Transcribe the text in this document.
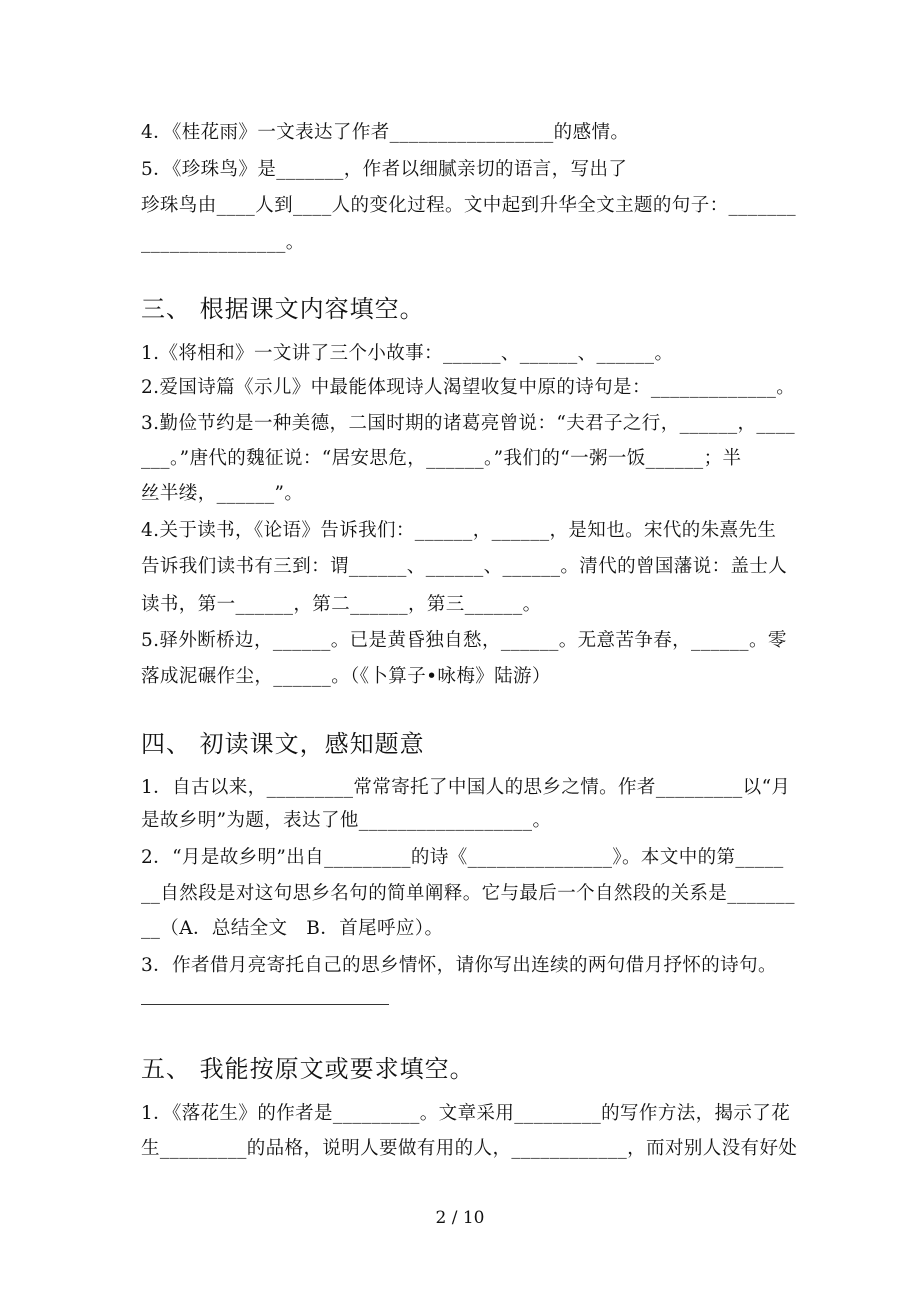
4．《桂花雨》一文表达了作者_________________的感情。
5．《珍珠鸟》是_______，作者以细腻亲切的语言，写出了
珍珠鸟由____人到____人的变化过程。文中起到升华全文主题的句子：_______
_______________。
三、 根据课文内容填空。
1.《将相和》一文讲了三个小故事：______、______、______。
2.爱国诗篇《示儿》中最能体现诗人渴望收复中原的诗句是：_____________。
3.勤俭节约是一种美德，二国时期的诸葛亮曾说：“夫君子之行，______，____
___。”唐代的魏征说：“居安思危，______。”我们的“一粥一饭______；半
丝半缕，______”。
4.关于读书，《论语》告诉我们：______，______，是知也。宋代的朱熹先生
告诉我们读书有三到：谓______、______、______。清代的曾国藩说：盖士人
读书，第一______，第二______，第三______。
5.驿外断桥边，______。已是黄昏独自愁，______。无意苦争春，______。零
落成泥碾作尘，______。（《卜算子•咏梅》陆游）
四、 初读课文，感知题意
1．自古以来，_________常常寄托了中国人的思乡之情。作者_________以“月
是故乡明”为题，表达了他__________________。
2．“月是故乡明”出自_________的诗《_______________》。本文中的第_____
__自然段是对这句思乡名句的简单阐释。它与最后一个自然段的关系是_______
__（A．总结全文   B．首尾呼应）。
3．作者借月亮寄托自己的思乡情怀，请你写出连续的两句借月抒怀的诗句。
五、 我能按原文或要求填空。
1．《落花生》的作者是_________。文章采用_________的写作方法，揭示了花
生_________的品格，说明人要做有用的人，____________，而对别人没有好处
2 / 10
